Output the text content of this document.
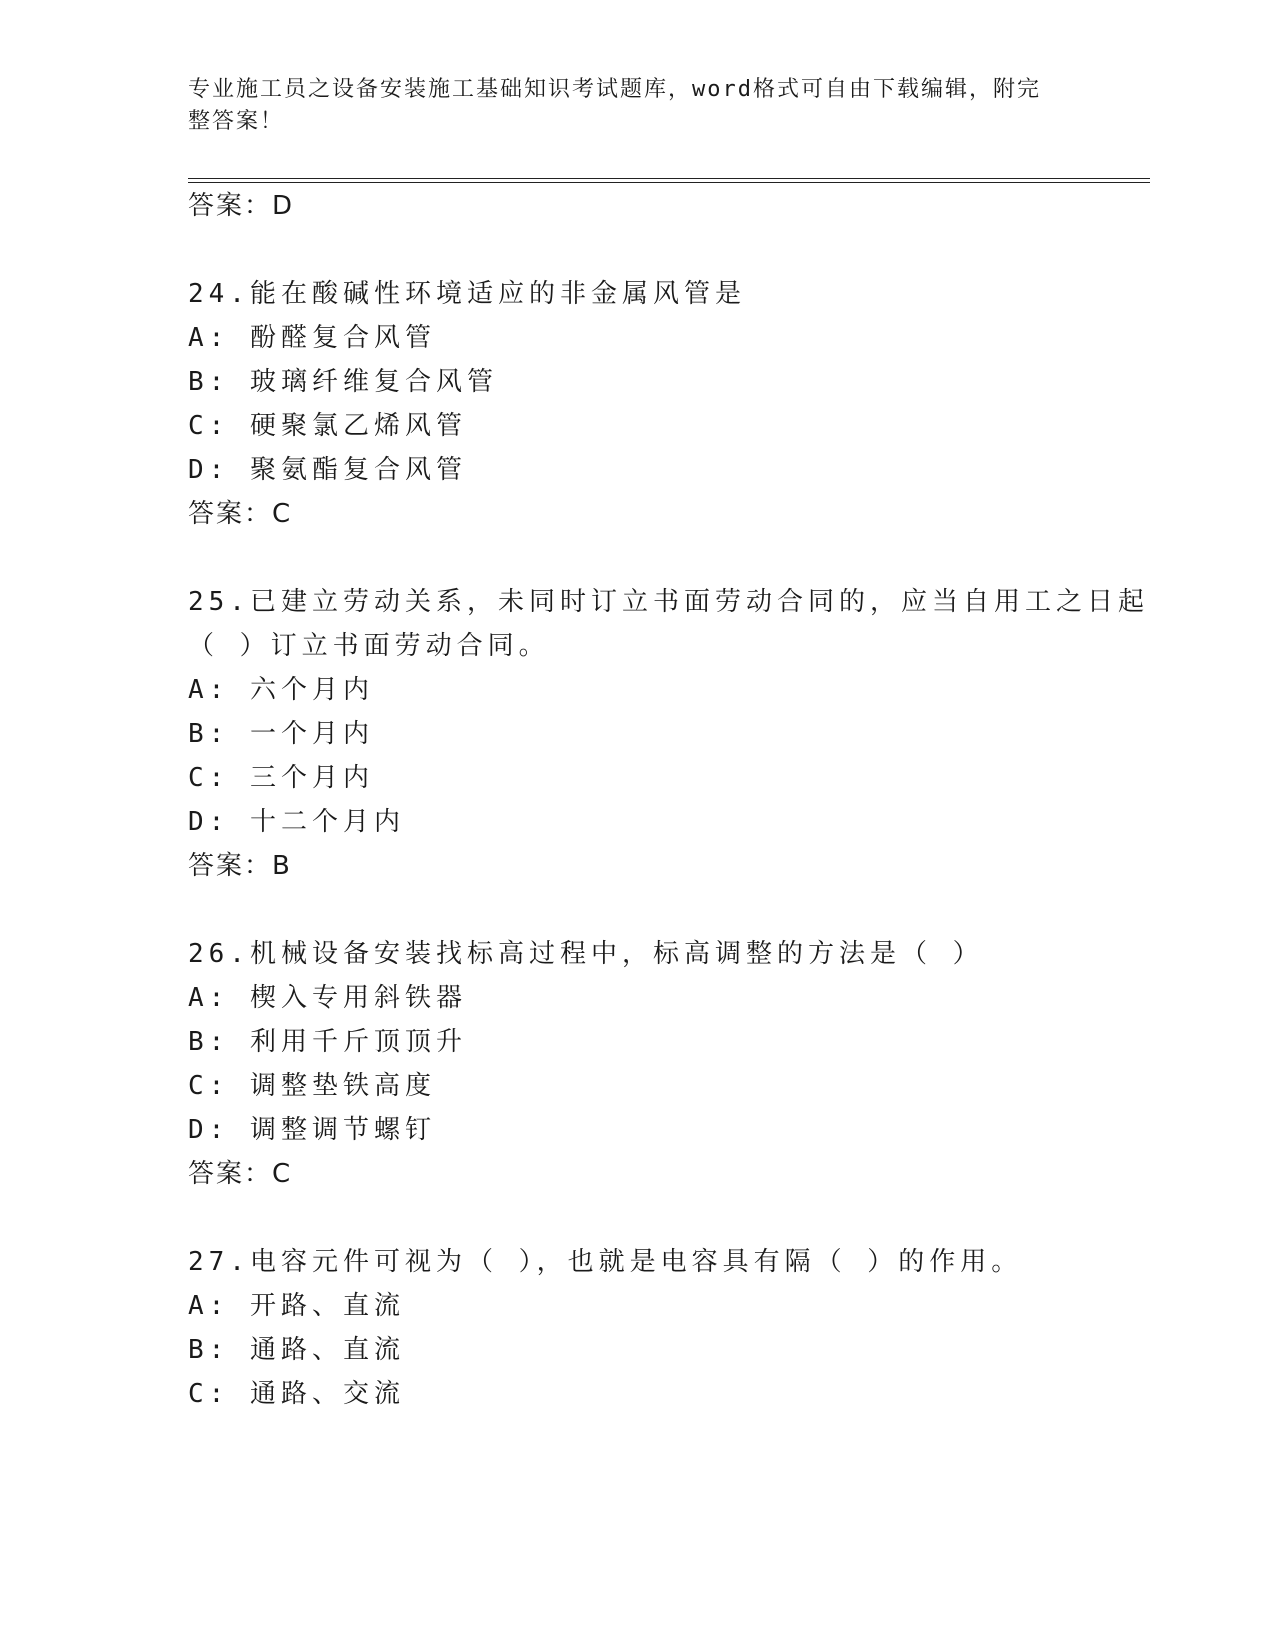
专业施工员之设备安装施工基础知识考试题库，word格式可自由下载编辑，附完
整答案！
答案：D
24.能在酸碱性环境适应的非金属风管是
A: 酚醛复合风管
B: 玻璃纤维复合风管
C: 硬聚氯乙烯风管
D: 聚氨酯复合风管
答案：C
25.已建立劳动关系，未同时订立书面劳动合同的，应当自用工之日起
（ ）订立书面劳动合同。
A: 六个月内
B: 一个月内
C: 三个月内
D: 十二个月内
答案：B
26.机械设备安装找标高过程中，标高调整的方法是（ ）
A: 楔入专用斜铁器
B: 利用千斤顶顶升
C: 调整垫铁高度
D: 调整调节螺钉
答案：C
27.电容元件可视为（ ），也就是电容具有隔（ ）的作用。
A: 开路、直流
B: 通路、直流
C: 通路、交流
